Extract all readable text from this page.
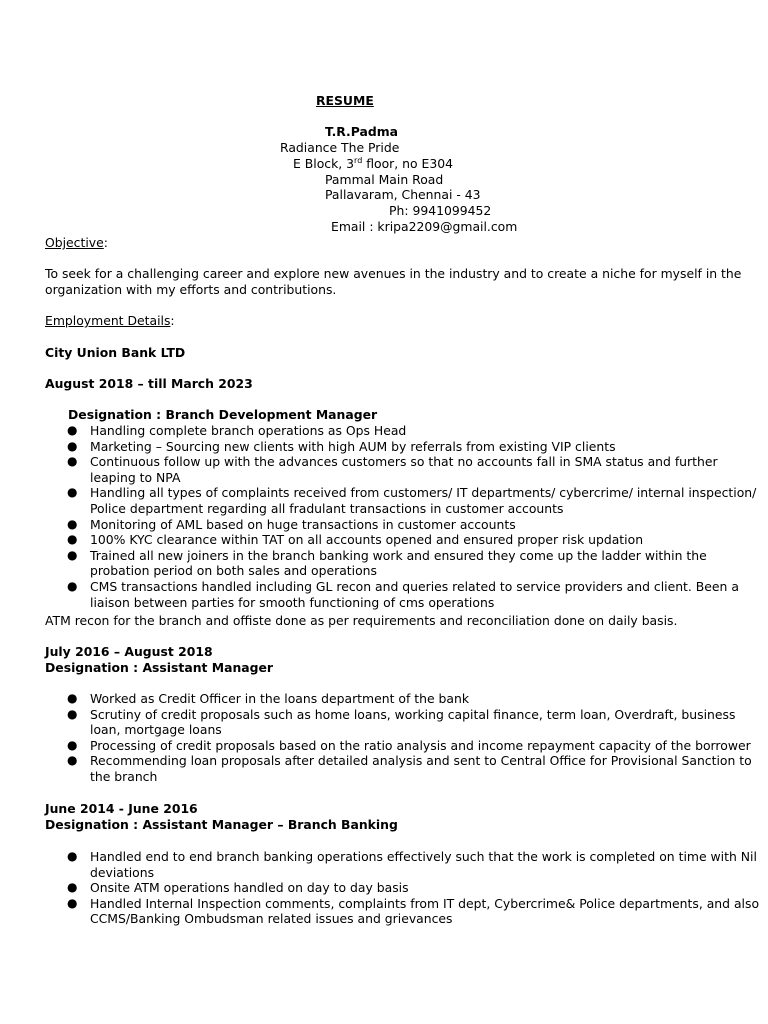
RESUME
T.R.Padma
Radiance The Pride
E Block, 3rd floor, no E304
Pammal Main Road
Pallavaram, Chennai - 43
Ph: 9941099452
Email : kripa2209@gmail.com
Objective:
To seek for a challenging career and explore new avenues in the industry and to create a niche for myself in the organization with my efforts and contributions.
Employment Details:
City Union Bank LTD
August 2018 – till March 2023
Designation : Branch Development Manager
● Handling complete branch operations as Ops Head
● Marketing – Sourcing new clients with high AUM by referrals from existing VIP clients
● Continuous follow up with the advances customers so that no accounts fall in SMA status and further leaping to NPA
● Handling all types of complaints received from customers/ IT departments/ cybercrime/ internal inspection/ Police department regarding all fradulant transactions in customer accounts
● Monitoring of AML based on huge transactions in customer accounts
● 100% KYC clearance within TAT on all accounts opened and ensured proper risk updation
● Trained all new joiners in the branch banking work and ensured they come up the ladder within the probation period on both sales and operations
● CMS transactions handled including GL recon and queries related to service providers and client. Been a liaison between parties for smooth functioning of cms operations
ATM recon for the branch and offiste done as per requirements and reconciliation done on daily basis.
July 2016 – August 2018
Designation : Assistant Manager
● Worked as Credit Officer in the loans department of the bank
● Scrutiny of credit proposals such as home loans, working capital finance, term loan, Overdraft, business loan, mortgage loans
● Processing of credit proposals based on the ratio analysis and income repayment capacity of the borrower
● Recommending loan proposals after detailed analysis and sent to Central Office for Provisional Sanction to the branch
June 2014 - June 2016
Designation : Assistant Manager – Branch Banking
● Handled end to end branch banking operations effectively such that the work is completed on time with Nil deviations
● Onsite ATM operations handled on day to day basis
● Handled Internal Inspection comments, complaints from IT dept, Cybercrime& Police departments, and also CCMS/Banking Ombudsman related issues and grievances
